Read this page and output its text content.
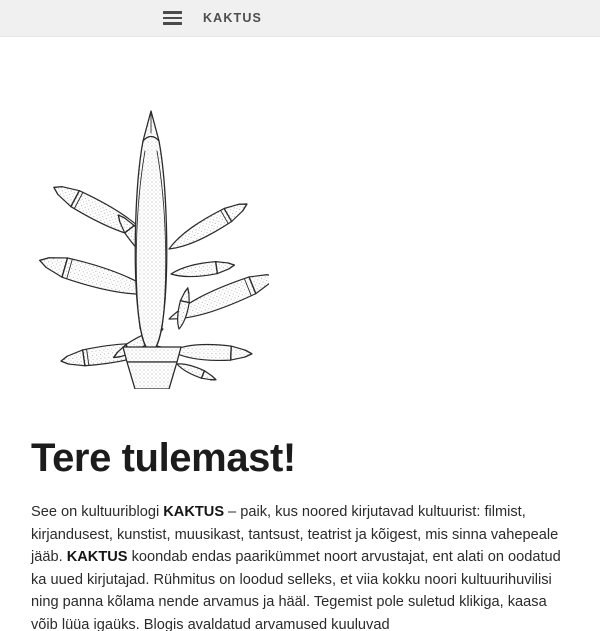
KAKTUS
Tere tulemast!

See on kultuuriblogi KAKTUS – paik, kus noored kirjutavad kultuurist: filmist, kirjandusest, kunstist, muusikast, tantsust, teatrist ja kõigest, mis sinna vahepeale jääb. KAKTUS koondab endas paarikümmet noort arvustajat, ent alati on oodatud ka uued kirjutajad. Rühmitus on loodud selleks, et viia kokku noori kultuurihuvilisi ning panna kõlama nende arvamus ja hääl. Tegemist pole suletud klikiga, kaasa võib lüüa igaüks. Blogis avaldatud arvamused kuuluvad
